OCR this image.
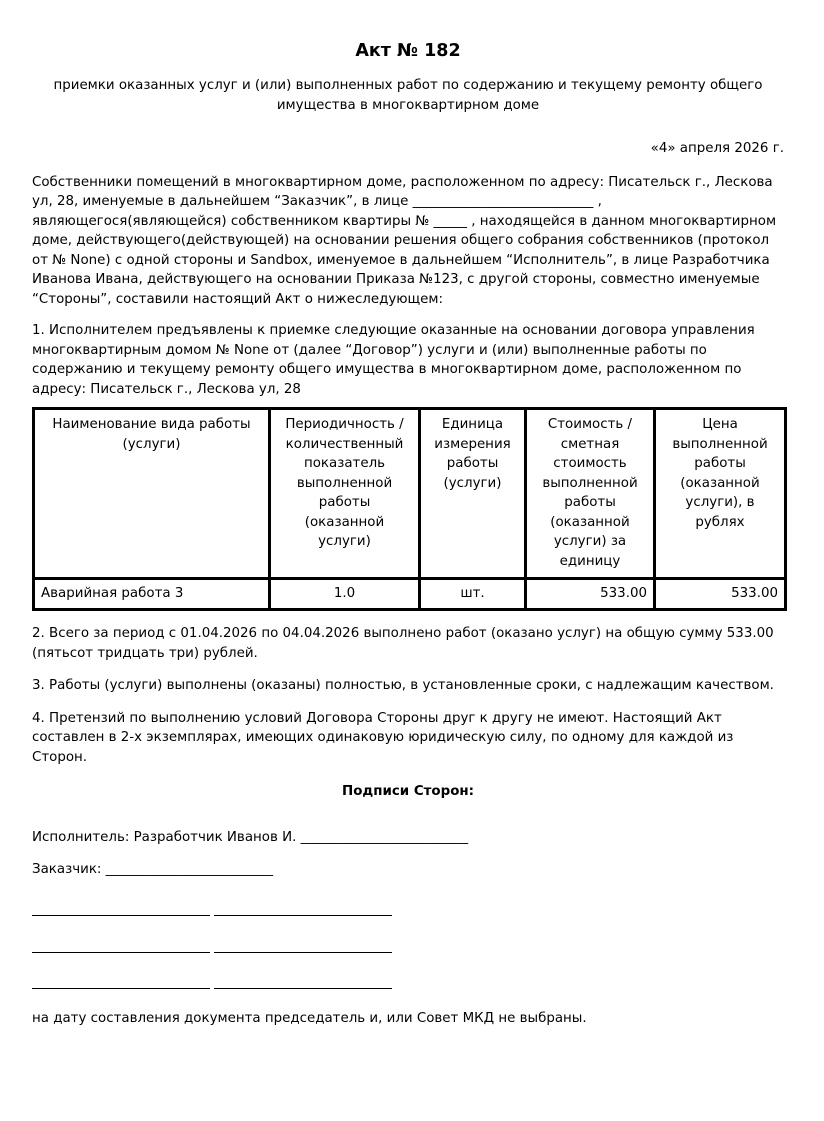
Акт № 182
приемки оказанных услуг и (или) выполненных работ по содержанию и текущему ремонту общего имущества в многоквартирном доме
«4» апреля 2026 г.

Собственники помещений в многоквартирном доме, расположенном по адресу: Писательск г., Лескова ул, 28, именуемые в дальнейшем “Заказчик”, в лице ___________________________ , являющегося(являющейся) собственником квартиры № _____ , находящейся в данном многоквартирном доме, действующего(действующей) на основании решения общего собрания собственников (протокол от № None) с одной стороны и Sandbox, именуемое в дальнейшем “Исполнитель”, в лице Разработчика Иванова Ивана, действующего на основании Приказа №123, с другой стороны, совместно именуемые “Стороны”, составили настоящий Акт о нижеследующем:

1. Исполнителем предъявлены к приемке следующие оказанные на основании договора управления многоквартирным домом № None от (далее “Договор”) услуги и (или) выполненные работы по содержанию и текущему ремонту общего имущества в многоквартирном доме, расположенном по адресу: Писательск г., Лескова ул, 28

Наименование вида работы (услуги)	Периодичность / количественный показатель выполненной работы (оказанной услуги)	Единица измерения работы (услуги)	Стоимость / сметная стоимость выполненной работы (оказанной услуги) за единицу	Цена выполненной работы (оказанной услуги), в рублях
Аварийная работа 3	1.0	шт.	533.00	533.00

2. Всего за период с 01.04.2026 по 04.04.2026 выполнено работ (оказано услуг) на общую сумму 533.00 (пятьсот тридцать три) рублей.

3. Работы (услуги) выполнены (оказаны) полностью, в установленные сроки, с надлежащим качеством.

4. Претензий по выполнению условий Договора Стороны друг к другу не имеют. Настоящий Акт составлен в 2-х экземплярах, имеющих одинаковую юридическую силу, по одному для каждой из Сторон.

Подписи Сторон:
Исполнитель: Разработчик Иванов И. _________________________
Заказчик: _________________________
на дату составления документа председатель и, или Совет МКД не выбраны.
